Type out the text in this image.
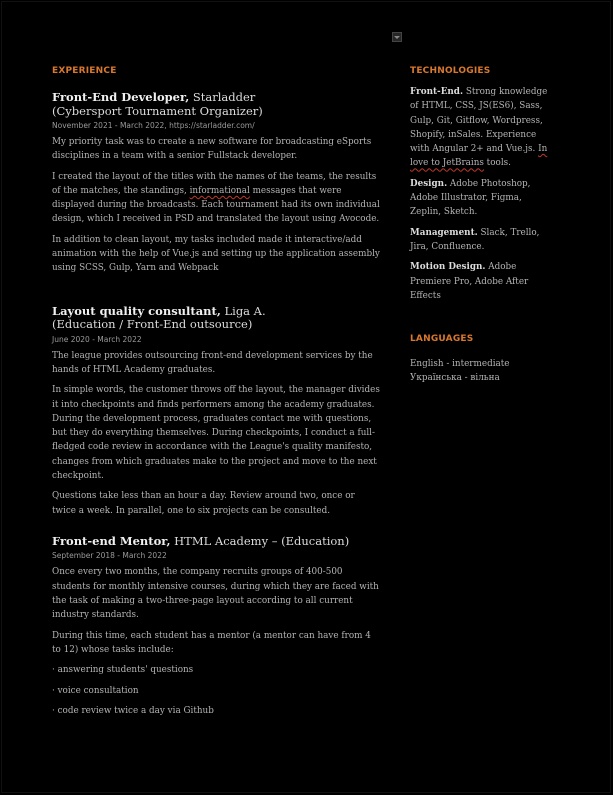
EXPERIENCE

Front-End Developer, Starladder

(Cybersport Tournament Organizer)

November 2021 - March 2022, https://starladder.com/

My priority task was to create a new software for broadcasting eSports disciplines in a team with a senior Fullstack developer.

I created the layout of the titles with the names of the teams, the results of the matches, the standings, informational messages that were displayed during the broadcasts. Each tournament had its own individual design, which I received in PSD and translated the layout using Avocode.

In addition to clean layout, my tasks included made it interactive/add animation with the help of Vue.js and setting up the application assembly using SCSS, Gulp, Yarn and Webpack

Layout quality consultant, Liga A.

(Education / Front-End outsource)

June 2020 - March 2022

The league provides outsourcing front-end development services by the hands of HTML Academy graduates.

In simple words, the customer throws off the layout, the manager divides it into checkpoints and finds performers among the academy graduates. During the development process, graduates contact me with questions, but they do everything themselves. During checkpoints, I conduct a full-fledged code review in accordance with the League's quality manifesto, changes from which graduates make to the project and move to the next checkpoint.

Questions take less than an hour a day. Review around two, once or twice a week. In parallel, one to six projects can be consulted.

Front-end Mentor, HTML Academy – (Education)

September 2018 - March 2022

Once every two months, the company recruits groups of 400-500 students for monthly intensive courses, during which they are faced with the task of making a two-three-page layout according to all current industry standards.

During this time, each student has a mentor (a mentor can have from 4 to 12) whose tasks include:

· answering students' questions

· voice consultation

· code review twice a day via Github

TECHNOLOGIES

Front-End. Strong knowledge of HTML, CSS, JS(ES6), Sass, Gulp, Git, Gitflow, Wordpress, Shopify, inSales. Experience with Angular 2+ and Vue.js. In love to JetBrains tools.

Design. Adobe Photoshop, Adobe Illustrator, Figma, Zeplin, Sketch.

Management. Slack, Trello, Jira, Confluence.

Motion Design. Adobe Premiere Pro, Adobe After Effects

LANGUAGES

English - intermediate

Українська - вільна
